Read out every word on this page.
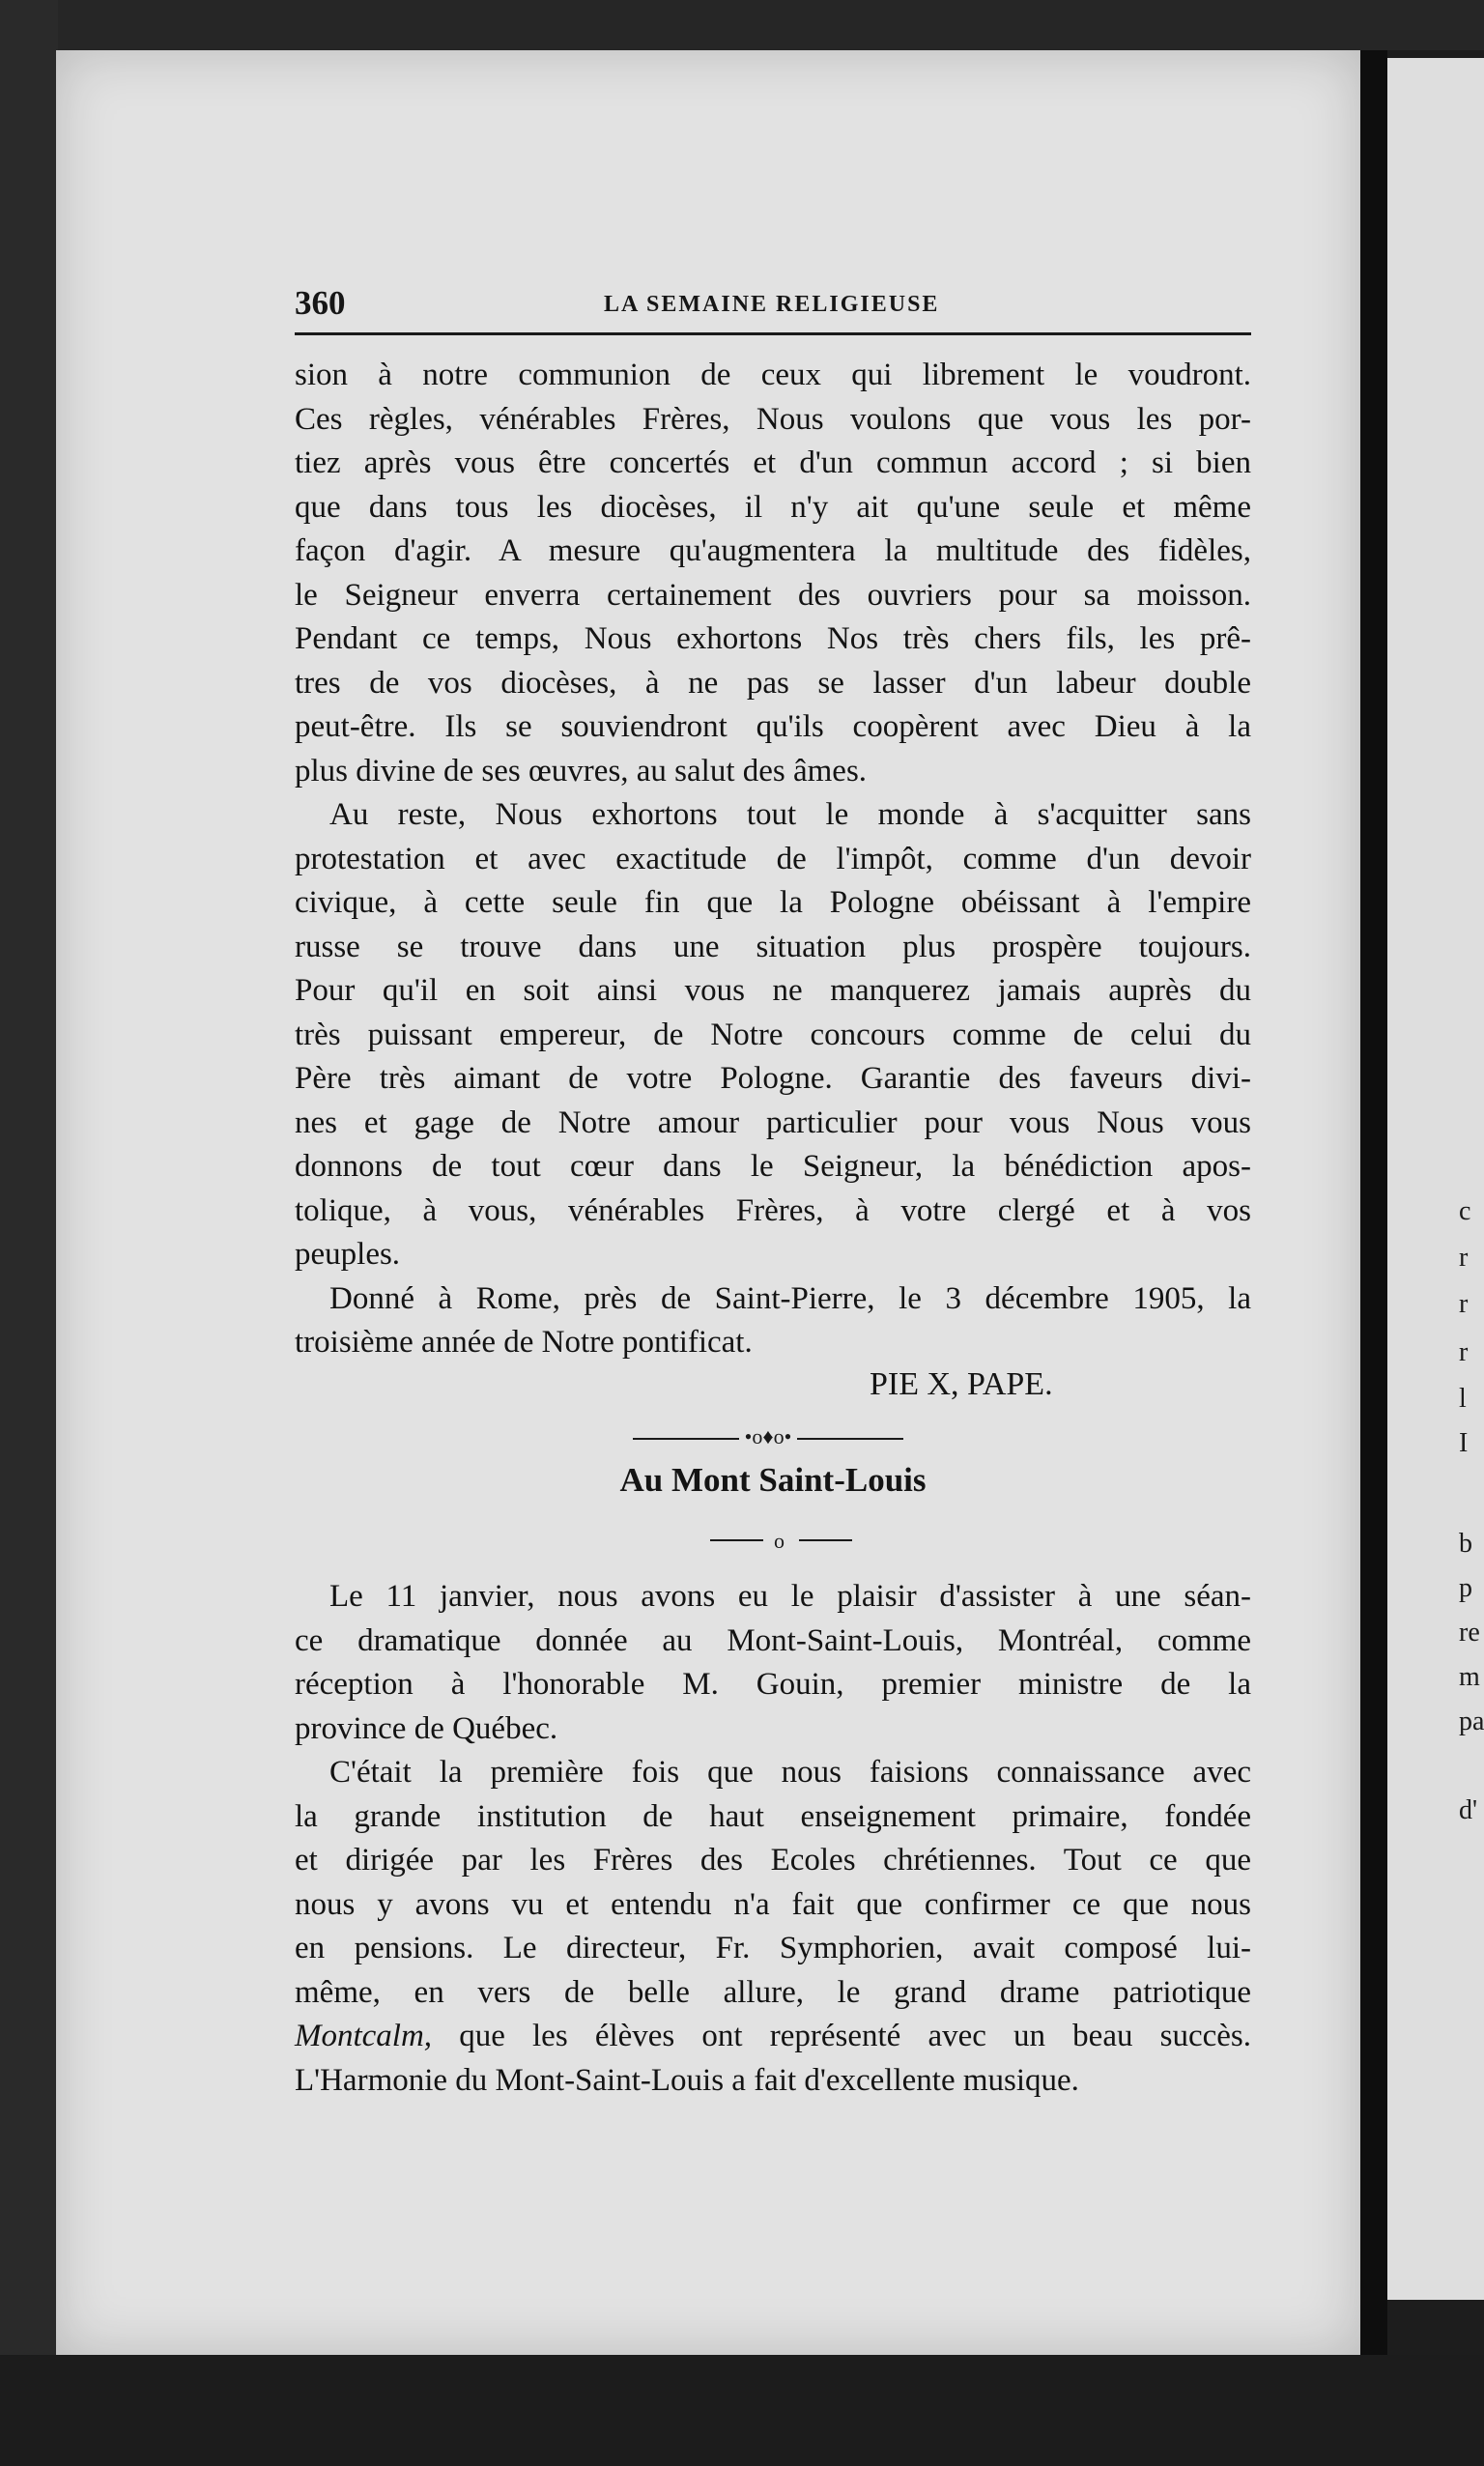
c
r
r
r
l
I
b
p
re
m
pa
d'
360	LA SEMAINE RELIGIEUSE
sion à notre communion de ceux qui librement le voudront.
Ces règles, vénérables Frères, Nous voulons que vous les por-
tiez après vous être concertés et d'un commun accord ; si bien
que dans tous les diocèses, il n'y ait qu'une seule et même
façon d'agir. A mesure qu'augmentera la multitude des fidèles,
le Seigneur enverra certainement des ouvriers pour sa moisson.
Pendant ce temps, Nous exhortons Nos très chers fils, les prê-
tres de vos diocèses, à ne pas se lasser d'un labeur double
peut-être. Ils se souviendront qu'ils coopèrent avec Dieu à la
plus divine de ses œuvres, au salut des âmes.
Au reste, Nous exhortons tout le monde à s'acquitter sans
protestation et avec exactitude de l'impôt, comme d'un devoir
civique, à cette seule fin que la Pologne obéissant à l'empire
russe se trouve dans une situation plus prospère toujours.
Pour qu'il en soit ainsi vous ne manquerez jamais auprès du
très puissant empereur, de Notre concours comme de celui du
Père très aimant de votre Pologne. Garantie des faveurs divi-
nes et gage de Notre amour particulier pour vous Nous vous
donnons de tout cœur dans le Seigneur, la bénédiction apos-
tolique, à vous, vénérables Frères, à votre clergé et à vos
peuples.
Donné à Rome, près de Saint-Pierre, le 3 décembre 1905, la
troisième année de Notre pontificat.
PIE X, PAPE.
•o♦o•
Au Mont Saint-Louis
o
Le 11 janvier, nous avons eu le plaisir d'assister à une séan-
ce dramatique donnée au Mont-Saint-Louis, Montréal, comme
réception à l'honorable M. Gouin, premier ministre de la
province de Québec.
C'était la première fois que nous faisions connaissance avec
la grande institution de haut enseignement primaire, fondée
et dirigée par les Frères des Ecoles chrétiennes. Tout ce que
nous y avons vu et entendu n'a fait que confirmer ce que nous
en pensions. Le directeur, Fr. Symphorien, avait composé lui-
même, en vers de belle allure, le grand drame patriotique
Montcalm, que les élèves ont représenté avec un beau succès.
L'Harmonie du Mont-Saint-Louis a fait d'excellente musique.
